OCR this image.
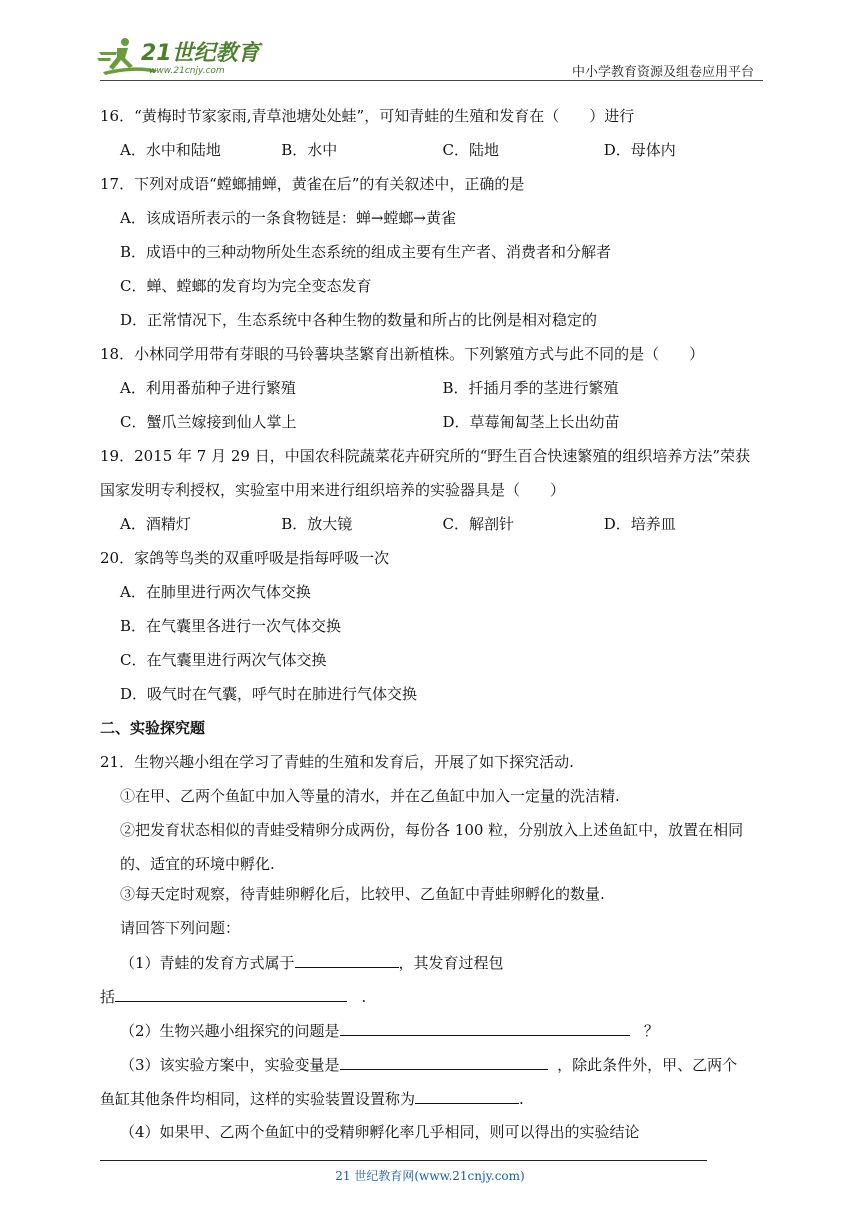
21世纪教育
www.21cnjy.com	中小学教育资源及组卷应用平台
16．“黄梅时节家家雨,青草池塘处处蛙”，可知青蛙的生殖和发育在（　　）进行
A．水中和陆地	B．水中	C．陆地	D．母体内
17．下列对成语“螳螂捕蝉，黄雀在后”的有关叙述中，正确的是
A．该成语所表示的一条食物链是：蝉→螳螂→黄雀
B．成语中的三种动物所处生态系统的组成主要有生产者、消费者和分解者
C．蝉、螳螂的发育均为完全变态发育
D．正常情况下，生态系统中各种生物的数量和所占的比例是相对稳定的
18．小林同学用带有芽眼的马铃薯块茎繁育出新植株。下列繁殖方式与此不同的是（　　）
A．利用番茄种子进行繁殖	B．扦插月季的茎进行繁殖
C．蟹爪兰嫁接到仙人掌上	D．草莓匍匐茎上长出幼苗
19．2015 年 7 月 29 日，中国农科院蔬菜花卉研究所的“野生百合快速繁殖的组织培养方法”荣获
国家发明专利授权，实验室中用来进行组织培养的实验器具是（　　）
A．酒精灯	B．放大镜	C．解剖针	D．培养皿
20．家鸽等鸟类的双重呼吸是指每呼吸一次
A．在肺里进行两次气体交换
B．在气囊里各进行一次气体交换
C．在气囊里进行两次气体交换
D．吸气时在气囊，呼气时在肺进行气体交换
二、实验探究题
21．生物兴趣小组在学习了青蛙的生殖和发育后，开展了如下探究活动.
①在甲、乙两个鱼缸中加入等量的清水，并在乙鱼缸中加入一定量的洗洁精.
②把发育状态相似的青蛙受精卵分成两份，每份各 100 粒，分别放入上述鱼缸中，放置在相同的、适宜的环境中孵化.
③每天定时观察，待青蛙卵孵化后，比较甲、乙鱼缸中青蛙卵孵化的数量.
请回答下列问题：
（1）青蛙的发育方式属于	，其发育过程包
括	.
（2）生物兴趣小组探究的问题是	？
（3）该实验方案中，实验变量是	，除此条件外，甲、乙两个
鱼缸其他条件均相同，这样的实验装置设置称为	.
（4）如果甲、乙两个鱼缸中的受精卵孵化率几乎相同，则可以得出的实验结论
21 世纪教育网(www.21cnjy.com)
